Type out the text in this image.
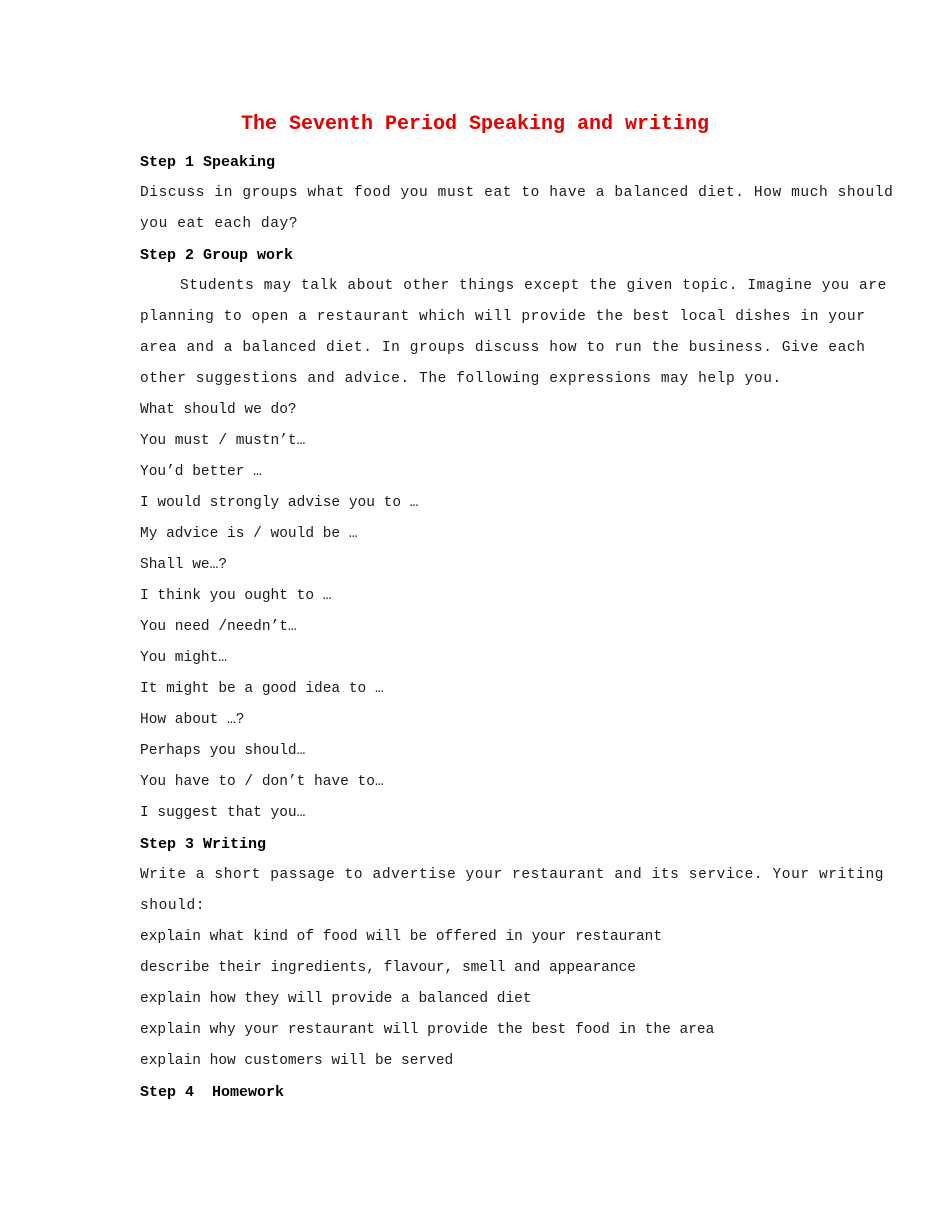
The Seventh Period Speaking and writing
Step 1 Speaking
Discuss in groups what food you must eat to have a balanced diet. How much should
you eat each day?
Step 2 Group work
Students may talk about other things except the given topic. Imagine you are
planning to open a restaurant which will provide the best local dishes in your
area and a balanced diet. In groups discuss how to run the business. Give each
other suggestions and advice. The following expressions may help you.
What should we do?
You must / mustn’t…
You’d better …
I would strongly advise you to …
My advice is / would be …
Shall we…?
I think you ought to …
You need /needn’t…
You might…
It might be a good idea to …
How about …?
Perhaps you should…
You have to / don’t have to…
I suggest that you…
Step 3 Writing
Write a short passage to advertise your restaurant and its service. Your writing
should:
explain what kind of food will be offered in your restaurant
describe their ingredients, flavour, smell and appearance
explain how they will provide a balanced diet
explain why your restaurant will provide the best food in the area
explain how customers will be served
Step 4  Homework
